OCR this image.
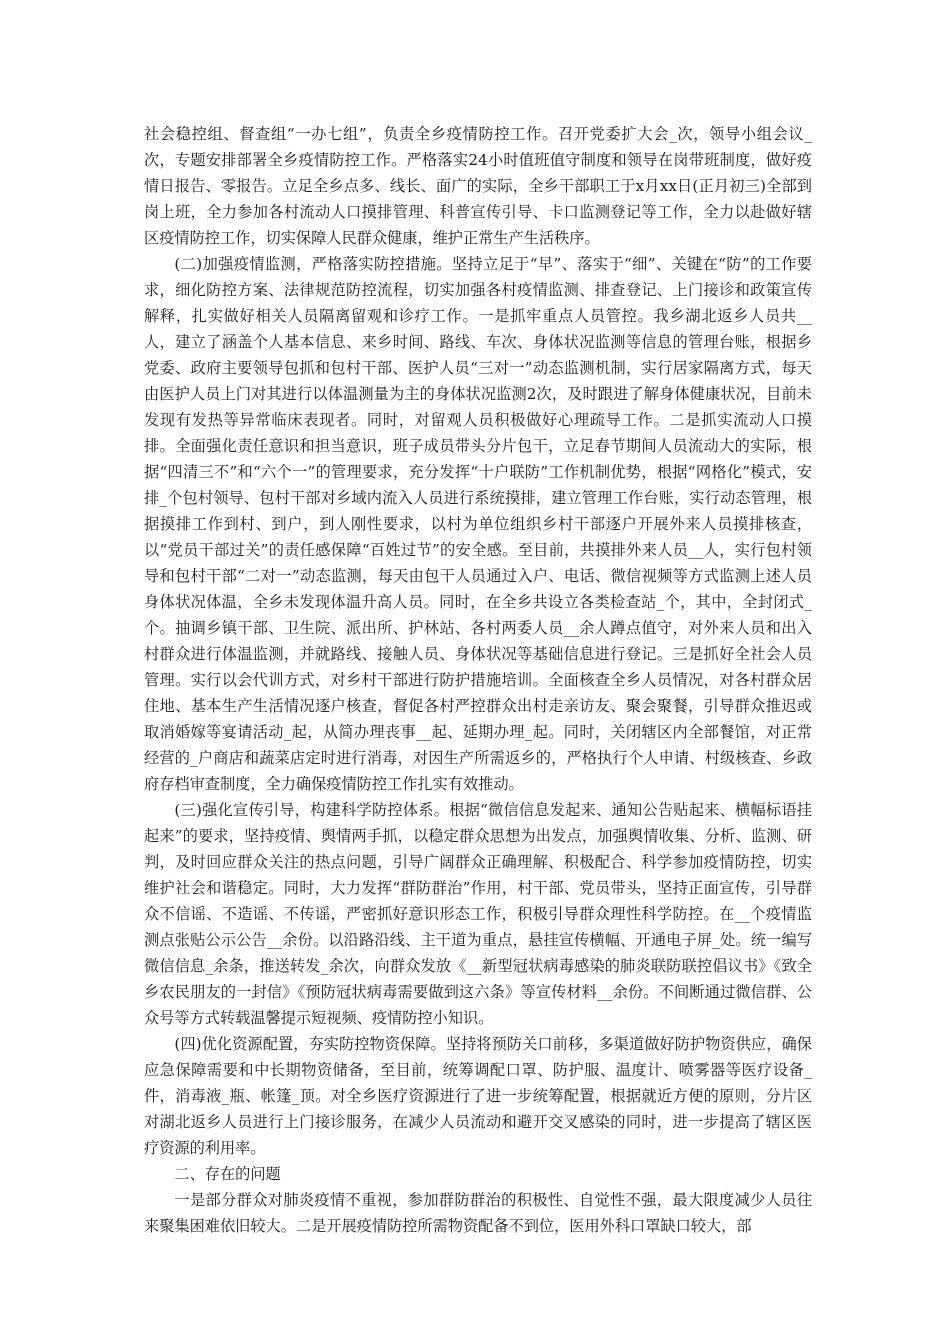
社会稳控组、督查组“一办七组”，负责全乡疫情防控工作。召开党委扩大会_次，领导小组会议_次，专题安排部署全乡疫情防控工作。严格落实24小时值班值守制度和领导在岗带班制度，做好疫情日报告、零报告。立足全乡点多、线长、面广的实际，全乡干部职工于x月xx日(正月初三)全部到岗上班，全力参加各村流动人口摸排管理、科普宣传引导、卡口监测登记等工作，全力以赴做好辖区疫情防控工作，切实保障人民群众健康，维护正常生产生活秩序。

(二)加强疫情监测，严格落实防控措施。坚持立足于“早”、落实于“细”、关键在“防”的工作要求，细化防控方案、法律规范防控流程，切实加强各村疫情监测、排查登记、上门接诊和政策宣传解释，扎实做好相关人员隔离留观和诊疗工作。一是抓牢重点人员管控。我乡湖北返乡人员共__人，建立了涵盖个人基本信息、来乡时间、路线、车次、身体状况监测等信息的管理台账，根据乡党委、政府主要领导包抓和包村干部、医护人员“三对一”动态监测机制，实行居家隔离方式，每天由医护人员上门对其进行以体温测量为主的身体状况监测2次，及时跟进了解身体健康状况，目前未发现有发热等异常临床表现者。同时，对留观人员积极做好心理疏导工作。二是抓实流动人口摸排。全面强化责任意识和担当意识，班子成员带头分片包干，立足春节期间人员流动大的实际，根据“四清三不”和“六个一”的管理要求，充分发挥“十户联防”工作机制优势，根据“网格化”模式，安排_个包村领导、包村干部对乡域内流入人员进行系统摸排，建立管理工作台账，实行动态管理，根据摸排工作到村、到户，到人刚性要求，以村为单位组织乡村干部逐户开展外来人员摸排核查，以“党员干部过关”的责任感保障“百姓过节”的安全感。至目前，共摸排外来人员__人，实行包村领导和包村干部“二对一”动态监测，每天由包干人员通过入户、电话、微信视频等方式监测上述人员身体状况体温，全乡未发现体温升高人员。同时，在全乡共设立各类检查站_个，其中，全封闭式_个。抽调乡镇干部、卫生院、派出所、护林站、各村两委人员__余人蹲点值守，对外来人员和出入村群众进行体温监测，并就路线、接触人员、身体状况等基础信息进行登记。三是抓好全社会人员管理。实行以会代训方式，对乡村干部进行防护措施培训。全面核查全乡人员情况，对各村群众居住地、基本生产生活情况逐户核查，督促各村严控群众出村走亲访友、聚会聚餐，引导群众推迟或取消婚嫁等宴请活动_起，从简办理丧事__起、延期办理_起。同时，关闭辖区内全部餐馆，对正常经营的_户商店和蔬菜店定时进行消毒，对因生产所需返乡的，严格执行个人申请、村级核查、乡政府存档审查制度，全力确保疫情防控工作扎实有效推动。

(三)强化宣传引导，构建科学防控体系。根据“微信信息发起来、通知公告贴起来、横幅标语挂起来”的要求，坚持疫情、舆情两手抓，以稳定群众思想为出发点，加强舆情收集、分析、监测、研判，及时回应群众关注的热点问题，引导广阔群众正确理解、积极配合、科学参加疫情防控，切实维护社会和谐稳定。同时，大力发挥“群防群治”作用，村干部、党员带头，坚持正面宣传，引导群众不信谣、不造谣、不传谣，严密抓好意识形态工作，积极引导群众理性科学防控。在__个疫情监测点张贴公示公告__余份。以沿路沿线、主干道为重点，悬挂宣传横幅、开通电子屏_处。统一编写微信信息_余条，推送转发_余次，向群众发放《__新型冠状病毒感染的肺炎联防联控倡议书》《致全乡农民朋友的一封信》《预防冠状病毒需要做到这六条》等宣传材料__余份。不间断通过微信群、公众号等方式转载温馨提示短视频、疫情防控小知识。

(四)优化资源配置，夯实防控物资保障。坚持将预防关口前移，多渠道做好防护物资供应，确保应急保障需要和中长期物资储备，至目前，统筹调配口罩、防护服、温度计、喷雾器等医疗设备_件，消毒液_瓶、帐篷_顶。对全乡医疗资源进行了进一步统筹配置，根据就近方便的原则，分片区对湖北返乡人员进行上门接诊服务，在减少人员流动和避开交叉感染的同时，进一步提高了辖区医疗资源的利用率。

二、存在的问题

一是部分群众对肺炎疫情不重视，参加群防群治的积极性、自觉性不强，最大限度减少人员往来聚集困难依旧较大。二是开展疫情防控所需物资配备不到位，医用外科口罩缺口较大，部
